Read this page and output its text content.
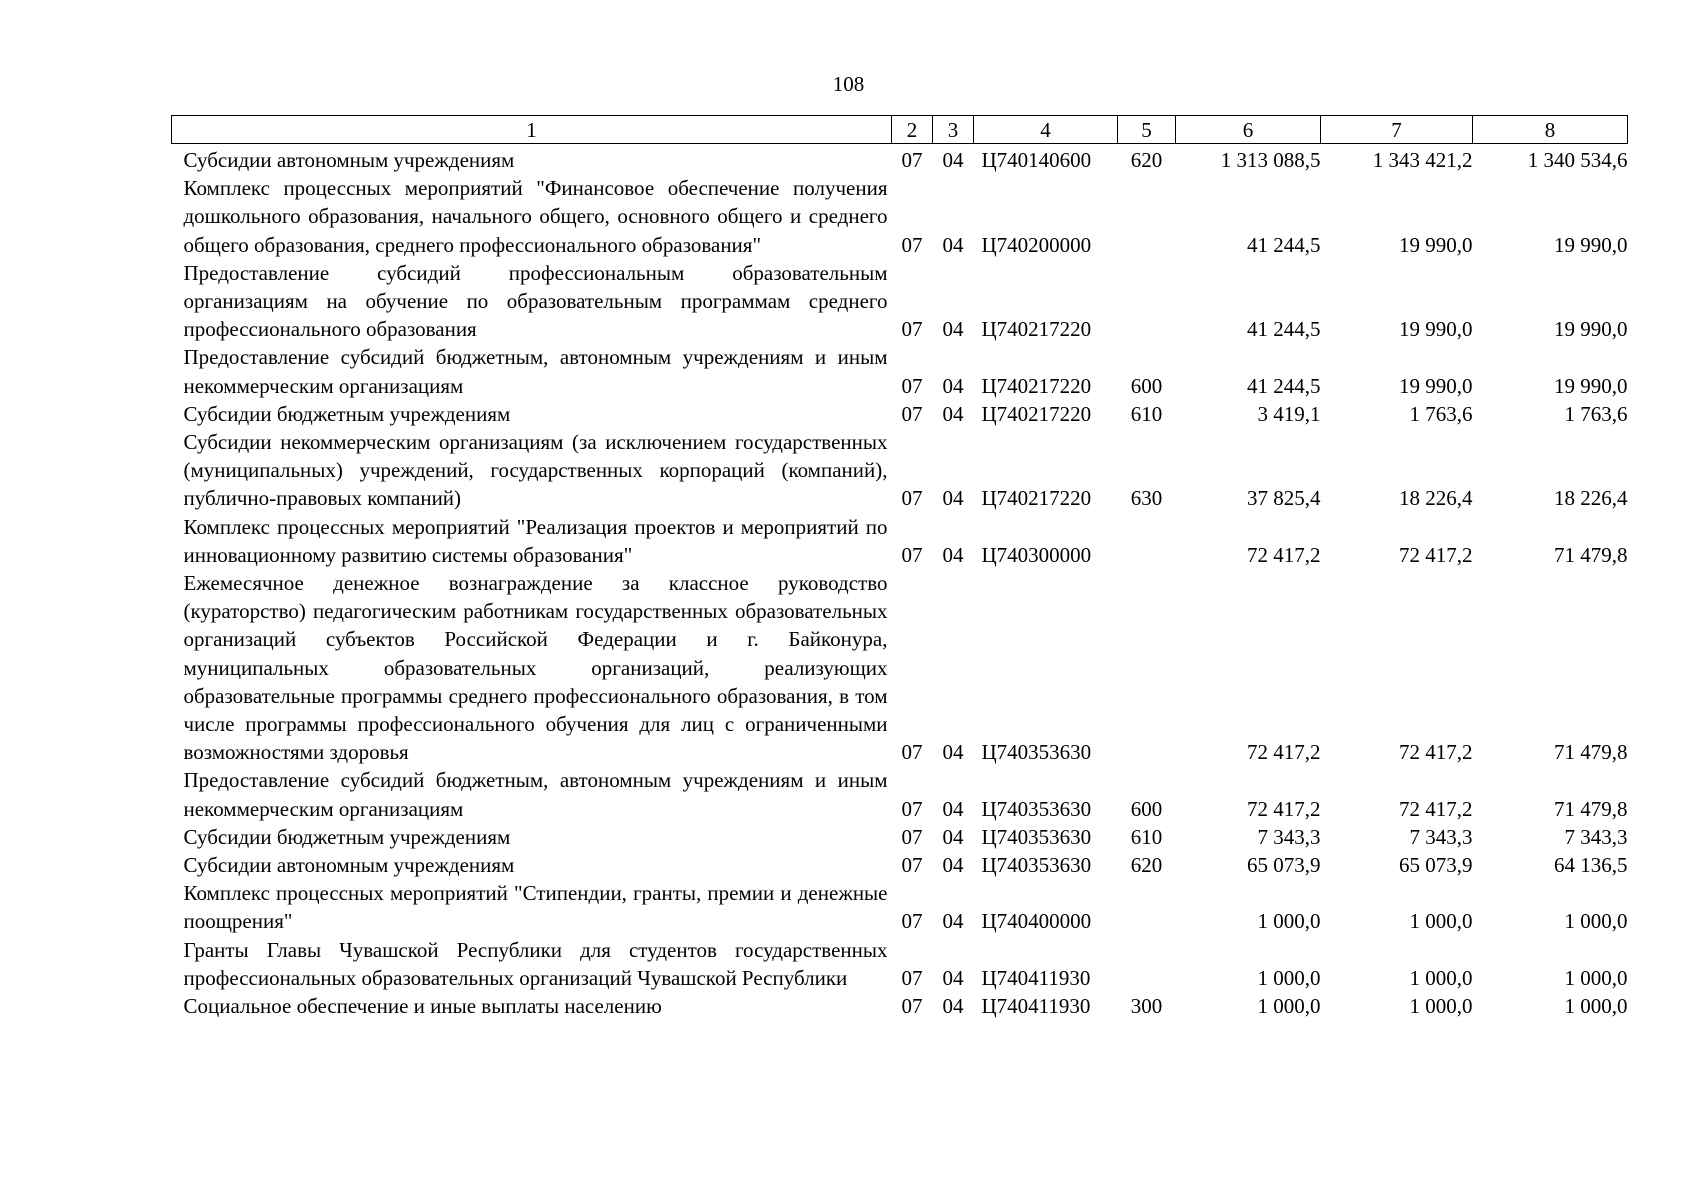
108
1	2	3	4	5	6	7	8
Субсидии автономным учреждениям	07	04	Ц740140600	620	1 313 088,5	1 343 421,2	1 340 534,6
Комплекс процессных мероприятий "Финансовое обеспечение получения дошкольного образования, начального общего, основного общего и среднего общего образования, среднего профессионального образования"	07	04	Ц740200000		41 244,5	19 990,0	19 990,0
Предоставление субсидий профессиональным образовательным организациям на обучение по образовательным программам среднего профессионального образования	07	04	Ц740217220		41 244,5	19 990,0	19 990,0
Предоставление субсидий бюджетным, автономным учреждениям и иным некоммерческим организациям	07	04	Ц740217220	600	41 244,5	19 990,0	19 990,0
Субсидии бюджетным учреждениям	07	04	Ц740217220	610	3 419,1	1 763,6	1 763,6
Субсидии некоммерческим организациям (за исключением государственных (муниципальных) учреждений, государственных корпораций (компаний), публично-правовых компаний)	07	04	Ц740217220	630	37 825,4	18 226,4	18 226,4
Комплекс процессных мероприятий "Реализация проектов и мероприятий по инновационному развитию системы образования"	07	04	Ц740300000		72 417,2	72 417,2	71 479,8
Ежемесячное денежное вознаграждение за классное руководство (кураторство) педагогическим работникам государственных образовательных организаций субъектов Российской Федерации и г. Байконура, муниципальных образовательных организаций, реализующих образовательные программы среднего профессионального образования, в том числе программы профессионального обучения для лиц с ограниченными возможностями здоровья	07	04	Ц740353630		72 417,2	72 417,2	71 479,8
Предоставление субсидий бюджетным, автономным учреждениям и иным некоммерческим организациям	07	04	Ц740353630	600	72 417,2	72 417,2	71 479,8
Субсидии бюджетным учреждениям	07	04	Ц740353630	610	7 343,3	7 343,3	7 343,3
Субсидии автономным учреждениям	07	04	Ц740353630	620	65 073,9	65 073,9	64 136,5
Комплекс процессных мероприятий "Стипендии, гранты, премии и денежные поощрения"	07	04	Ц740400000		1 000,0	1 000,0	1 000,0
Гранты Главы Чувашской Республики для студентов государственных профессиональных образовательных организаций Чувашской Республики	07	04	Ц740411930		1 000,0	1 000,0	1 000,0
Социальное обеспечение и иные выплаты населению	07	04	Ц740411930	300	1 000,0	1 000,0	1 000,0
